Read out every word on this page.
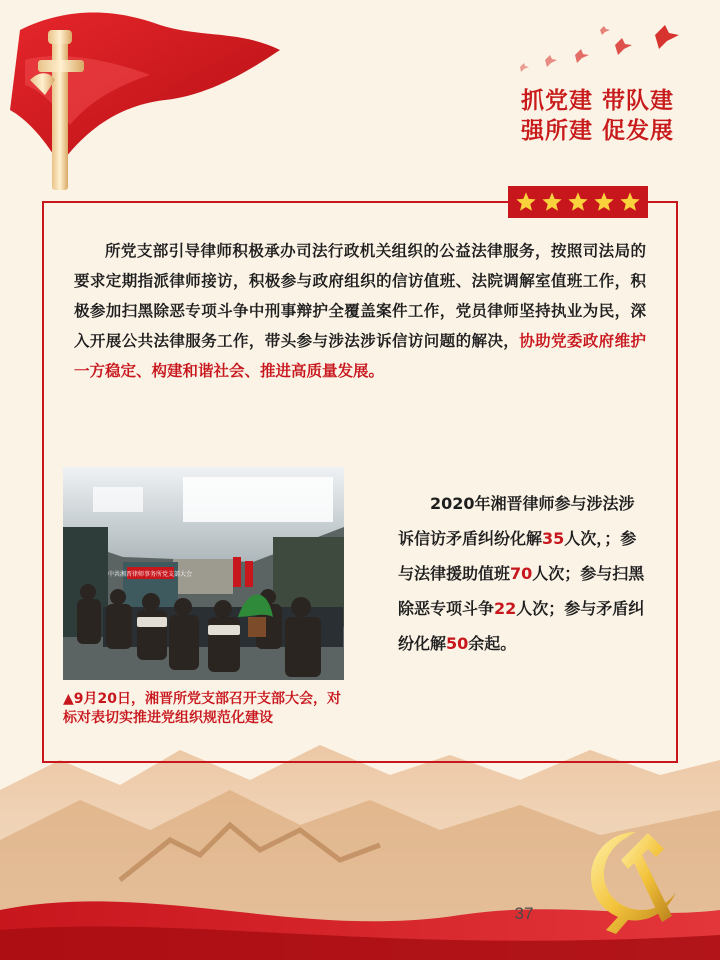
抓党建 带队建
强所建 促发展
所党支部引导律师积极承办司法行政机关组织的公益法律服务，按照司法局的要求定期指派律师接访，积极参与政府组织的信访值班、法院调解室值班工作，积极参加扫黑除恶专项斗争中刑事辩护全覆盖案件工作，党员律师坚持执业为民，深入开展公共法律服务工作，带头参与涉法涉诉信访问题的解决，协助党委政府维护一方稳定、构建和谐社会、推进高质量发展。
中共湘晋律师事务所党支部大会
▲9月20日，湘晋所党支部召开支部大会，对标对表切实推进党组织规范化建设
2020年湘晋律师参与涉法涉诉信访矛盾纠纷化解35人次，；参与法律援助值班70人次；参与扫黑除恶专项斗争22人次；参与矛盾纠纷化解50余起。
37
